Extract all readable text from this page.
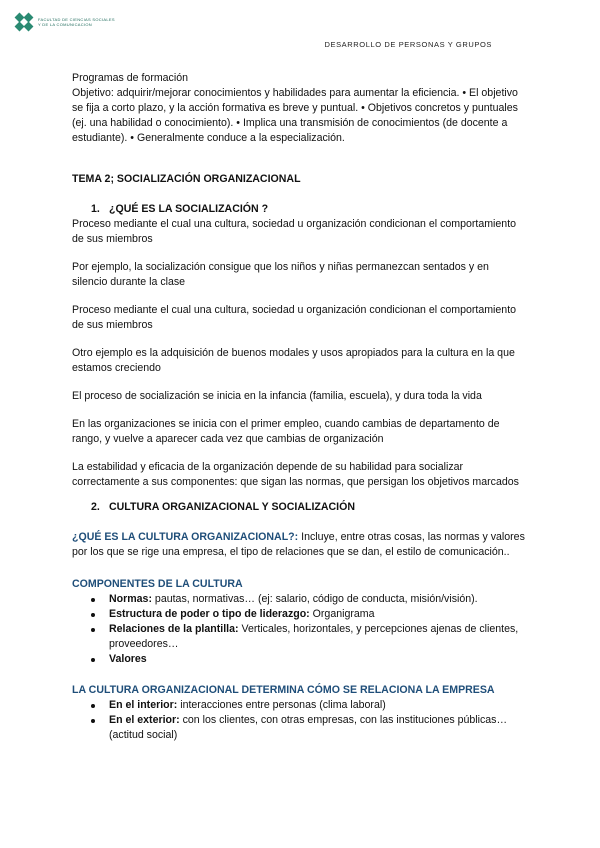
FACULTAD DE CIENCIAS SOCIALES
Y DE LA COMUNICACION
DESARROLLO DE PERSONAS Y GRUPOS

Programas de formación

Objetivo: adquirir/mejorar conocimientos y habilidades para aumentar la eficiencia. • El objetivo se fija a corto plazo, y la acción formativa es breve y puntual. • Objetivos concretos y puntuales (ej. una habilidad o conocimiento). • Implica una transmisión de conocimientos (de docente a estudiante). • Generalmente conduce a la especialización.

TEMA 2; SOCIALIZACIÓN ORGANIZACIONAL

1. ¿QUÉ ES LA SOCIALIZACIÓN ?

Proceso mediante el cual una cultura, sociedad u organización condicionan el comportamiento de sus miembros

Por ejemplo, la socialización consigue que los niños y niñas permanezcan sentados y en silencio durante la clase

Proceso mediante el cual una cultura, sociedad u organización condicionan el comportamiento de sus miembros

Otro ejemplo es la adquisición de buenos modales y usos apropiados para la cultura en la que estamos creciendo

El proceso de socialización se inicia en la infancia (familia, escuela), y dura toda la vida

En las organizaciones se inicia con el primer empleo, cuando cambias de departamento de rango, y vuelve a aparecer cada vez que cambias de organización

La estabilidad y eficacia de la organización depende de su habilidad para socializar correctamente a sus componentes: que sigan las normas, que persigan los objetivos marcados

2. CULTURA ORGANIZACIONAL Y SOCIALIZACIÓN

¿QUÉ ES LA CULTURA ORGANIZACIONAL?: Incluye, entre otras cosas, las normas y valores por los que se rige una empresa, el tipo de relaciones que se dan, el estilo de comunicación..

COMPONENTES DE LA CULTURA

Normas: pautas, normativas… (ej: salario, código de conducta, misión/visión).
Estructura de poder o tipo de liderazgo: Organigrama
Relaciones de la plantilla: Verticales, horizontales, y percepciones ajenas de clientes, proveedores…
Valores

LA CULTURA ORGANIZACIONAL DETERMINA CÓMO SE RELACIONA LA EMPRESA

En el interior: interacciones entre personas (clima laboral)
En el exterior: con los clientes, con otras empresas, con las instituciones públicas… (actitud social)
